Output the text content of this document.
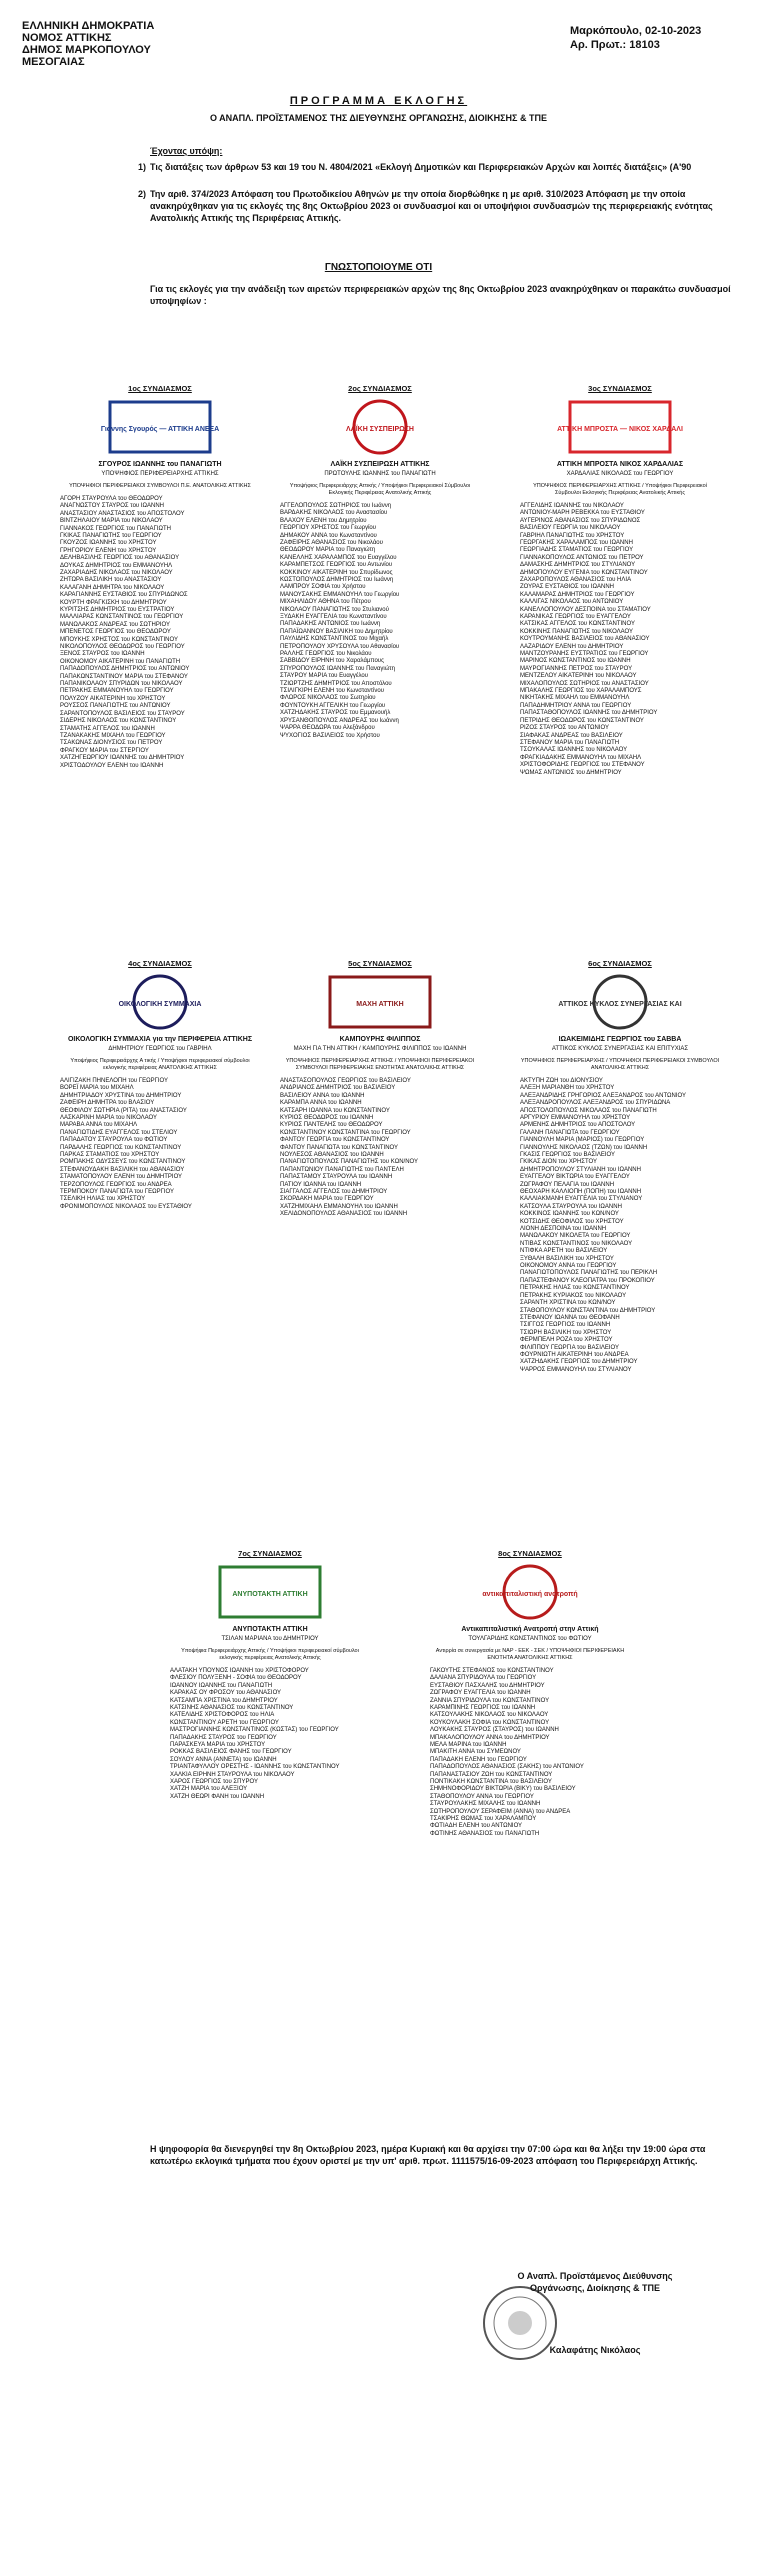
ΕΛΛΗΝΙΚΗ ΔΗΜΟΚΡΑΤΙΑ
ΝΟΜΟΣ ΑΤΤΙΚΗΣ
ΔΗΜΟΣ ΜΑΡΚΟΠΟΥΛΟΥ
ΜΕΣΟΓΑΙΑΣ
Μαρκόπουλο, 02-10-2023
Αρ. Πρωτ.: 18103
ΠΡΟΓΡΑΜΜΑ ΕΚΛΟΓΗΣ
Ο ΑΝΑΠΛ. ΠΡΟΪΣΤΑΜΕΝΟΣ ΤΗΣ ΔΙΕΥΘΥΝΣΗΣ ΟΡΓΑΝΩΣΗΣ, ΔΙΟΙΚΗΣΗΣ & ΤΠΕ
Έχοντας υπόψη:
1) Τις διατάξεις των άρθρων 53 και 19 του Ν. 4804/2021 «Εκλογή Δημοτικών και Περιφερειακών Αρχών και λοιπές διατάξεις» (Α'90
2) Την αριθ. 374/2023 Απόφαση του Πρωτοδικείου Αθηνών με την οποία διορθώθηκε η με αριθ. 310/2023 Απόφαση με την οποία ανακηρύχθηκαν για τις εκλογές της 8ης Οκτωβρίου 2023 οι συνδυασμοί και οι υποψήφιοι συνδυασμών της περιφερειακής ενότητας Ανατολικής Αττικής της Περιφέρειας Αττικής.
ΓΝΩΣΤΟΠΟΙΟΥΜΕ ΟΤΙ
Για τις εκλογές για την ανάδειξη των αιρετών περιφερειακών αρχών της 8ης Οκτωβρίου 2023 ανακηρύχθηκαν οι παρακάτω συνδυασμοί υποψηφίων :
1ος ΣΥΝΔΙΑΣΜΟΣ
Γιάννης Σγουρός — ΑΤΤΙΚΗ ΑΝΕΞΑ
ΣΓΟΥΡΟΣ ΙΩΑΝΝΗΣ του ΠΑΝΑΓΙΩΤΗ
ΥΠΟΨΗΦΙΟΣ ΠΕΡΙΦΕΡΕΙΑΡΧΗΣ ΑΤΤΙΚΗΣ
ΥΠΟΨΗΦΙΟΙ ΠΕΡΙΦΕΡΕΙΑΚΟΙ ΣΥΜΒΟΥΛΟΙ Π.Ε. ΑΝΑΤΟΛΙΚΗΣ ΑΤΤΙΚΗΣ
ΑΓΟΡΗ ΣΤΑΥΡΟΥΛΑ του ΘΕΟΔΩΡΟΥ
ΑΝΑΓΝΩΣΤΟΥ ΣΤΑΥΡΟΣ του ΙΩΑΝΝΗ
ΑΝΑΣΤΑΣΙΟΥ ΑΝΑΣΤΑΣΙΟΣ του ΑΠΟΣΤΟΛΟΥ
ΒΙΝΤΖΗΛΑΙΟΥ ΜΑΡΙΑ του ΝΙΚΟΛΑΟΥ
ΓΙΑΝΝΑΚΟΣ ΓΕΩΡΓΙΟΣ του ΠΑΝΑΓΙΩΤΗ
ΓΚΙΚΑΣ ΠΑΝΑΓΙΩΤΗΣ του ΓΕΩΡΓΙΟΥ
ΓΚΟΥΖΟΣ ΙΩΑΝΝΗΣ του ΧΡΗΣΤΟΥ
ΓΡΗΓΟΡΙΟΥ ΕΛΕΝΗ του ΧΡΗΣΤΟΥ
ΔΕΛΗΒΑΣΙΛΗΣ ΓΕΩΡΓΙΟΣ του ΑΘΑΝΑΣΙΟΥ
ΔΟΥΚΑΣ ΔΗΜΗΤΡΙΟΣ του ΕΜΜΑΝΟΥΗΛ
ΖΑΧΑΡΙΑΔΗΣ ΝΙΚΟΛΑΟΣ του ΝΙΚΟΛΑΟΥ
ΖΗΤΩΡΑ ΒΑΣΙΛΙΚΗ του ΑΝΑΣΤΑΣΙΟΥ
ΚΑΛΑΓΑΝΗ ΔΗΜΗΤΡΑ του ΝΙΚΟΛΑΟΥ
ΚΑΡΑΓΙΑΝΝΗΣ ΕΥΣΤΑΘΙΟΣ του ΣΠΥΡΙΔΩΝΟΣ
ΚΟΥΡΤΗ ΦΡΑΓΚΙΣΚΗ του ΔΗΜΗΤΡΙΟΥ
ΚΥΡΙΤΣΗΣ ΔΗΜΗΤΡΙΟΣ του ΕΥΣΤΡΑΤΙΟΥ
ΜΑΛΛΙΑΡΑΣ ΚΩΝΣΤΑΝΤΙΝΟΣ του ΓΕΩΡΓΙΟΥ
ΜΑΝΩΛΑΚΟΣ ΑΝΔΡΕΑΣ του ΣΩΤΗΡΙΟΥ
ΜΠΕΝΕΤΟΣ ΓΕΩΡΓΙΟΣ του ΘΕΟΔΩΡΟΥ
ΜΠΟΥΚΗΣ ΧΡΗΣΤΟΣ του ΚΩΝΣΤΑΝΤΙΝΟΥ
ΝΙΚΟΛΟΠΟΥΛΟΣ ΘΕΟΔΩΡΟΣ του ΓΕΩΡΓΙΟΥ
ΞΕΝΟΣ ΣΤΑΥΡΟΣ του ΙΩΑΝΝΗ
ΟΙΚΟΝΟΜΟΥ ΑΙΚΑΤΕΡΙΝΗ του ΠΑΝΑΓΙΩΤΗ
ΠΑΠΑΔΟΠΟΥΛΟΣ ΔΗΜΗΤΡΙΟΣ του ΑΝΤΩΝΙΟΥ
ΠΑΠΑΚΩΝΣΤΑΝΤΙΝΟΥ ΜΑΡΙΑ του ΣΤΕΦΑΝΟΥ
ΠΑΠΑΝΙΚΟΛΑΟΥ ΣΠΥΡΙΔΩΝ του ΝΙΚΟΛΑΟΥ
ΠΕΤΡΑΚΗΣ ΕΜΜΑΝΟΥΗΛ του ΓΕΩΡΓΙΟΥ
ΠΟΛΥΖΟΥ ΑΙΚΑΤΕΡΙΝΗ του ΧΡΗΣΤΟΥ
ΡΟΥΣΣΟΣ ΠΑΝΑΓΙΩΤΗΣ του ΑΝΤΩΝΙΟΥ
ΣΑΡΑΝΤΟΠΟΥΛΟΣ ΒΑΣΙΛΕΙΟΣ του ΣΤΑΥΡΟΥ
ΣΙΔΕΡΗΣ ΝΙΚΟΛΑΟΣ του ΚΩΝΣΤΑΝΤΙΝΟΥ
ΣΤΑΜΑΤΗΣ ΑΓΓΕΛΟΣ του ΙΩΑΝΝΗ
ΤΖΑΝΑΚΑΚΗΣ ΜΙΧΑΗΛ του ΓΕΩΡΓΙΟΥ
ΤΣΑΚΩΝΑΣ ΔΙΟΝΥΣΙΟΣ του ΠΕΤΡΟΥ
ΦΡΑΓΚΟΥ ΜΑΡΙΑ του ΣΤΕΡΓΙΟΥ
ΧΑΤΖΗΓΕΩΡΓΙΟΥ ΙΩΑΝΝΗΣ του ΔΗΜΗΤΡΙΟΥ
ΧΡΙΣΤΟΔΟΥΛΟΥ ΕΛΕΝΗ του ΙΩΑΝΝΗ
2ος ΣΥΝΔΙΑΣΜΟΣ
ΛΑΪΚΗ ΣΥΣΠΕΙΡΩΣΗ
ΛΑΪΚΗ ΣΥΣΠΕΙΡΩΣΗ ΑΤΤΙΚΗΣ
ΠΡΩΤΟΥΛΗΣ ΙΩΑΝΝΗΣ του ΠΑΝΑΓΙΩΤΗ
Υποψήφιος Περιφερειάρχης Αττικής / Υποψήφιοι Περιφερειακοί Σύμβουλοι Εκλογικής Περιφέρειας Ανατολικής Αττικής
ΑΓΓΕΛΟΠΟΥΛΟΣ ΣΩΤΗΡΙΟΣ του Ιωάννη
ΒΑΡΔΑΚΗΣ ΝΙΚΟΛΑΟΣ του Αναστασίου
ΒΛΑΧΟΥ ΕΛΕΝΗ του Δημητρίου
ΓΕΩΡΓΙΟΥ ΧΡΗΣΤΟΣ του Γεωργίου
ΔΗΜΑΚΟΥ ΑΝΝΑ του Κωνσταντίνου
ΖΑΦΕΙΡΗΣ ΑΘΑΝΑΣΙΟΣ του Νικολάου
ΘΕΟΔΩΡΟΥ ΜΑΡΙΑ του Παναγιώτη
ΚΑΝΕΛΛΗΣ ΧΑΡΑΛΑΜΠΟΣ του Ευαγγέλου
ΚΑΡΑΜΠΕΤΣΟΣ ΓΕΩΡΓΙΟΣ του Αντωνίου
ΚΟΚΚΙΝΟΥ ΑΙΚΑΤΕΡΙΝΗ του Σπυρίδωνος
ΚΩΣΤΟΠΟΥΛΟΣ ΔΗΜΗΤΡΙΟΣ του Ιωάννη
ΛΑΜΠΡΟΥ ΣΟΦΙΑ του Χρήστου
ΜΑΝΟΥΣΑΚΗΣ ΕΜΜΑΝΟΥΗΛ του Γεωργίου
ΜΙΧΑΗΛΙΔΟΥ ΑΘΗΝΑ του Πέτρου
ΝΙΚΟΛΑΟΥ ΠΑΝΑΓΙΩΤΗΣ του Στυλιανού
ΞΥΔΑΚΗ ΕΥΑΓΓΕΛΙΑ του Κωνσταντίνου
ΠΑΠΑΔΑΚΗΣ ΑΝΤΩΝΙΟΣ του Ιωάννη
ΠΑΠΑΪΩΑΝΝΟΥ ΒΑΣΙΛΙΚΗ του Δημητρίου
ΠΑΥΛΙΔΗΣ ΚΩΝΣΤΑΝΤΙΝΟΣ του Μιχαήλ
ΠΕΤΡΟΠΟΥΛΟΥ ΧΡΥΣΟΥΛΑ του Αθανασίου
ΡΑΛΛΗΣ ΓΕΩΡΓΙΟΣ του Νικολάου
ΣΑΒΒΙΔΟΥ ΕΙΡΗΝΗ του Χαραλάμπους
ΣΠΥΡΟΠΟΥΛΟΣ ΙΩΑΝΝΗΣ του Παναγιώτη
ΣΤΑΥΡΟΥ ΜΑΡΙΑ του Ευαγγέλου
ΤΖΙΩΡΤΖΗΣ ΔΗΜΗΤΡΙΟΣ του Αποστόλου
ΤΣΙΛΙΓΚΙΡΗ ΕΛΕΝΗ του Κωνσταντίνου
ΦΛΩΡΟΣ ΝΙΚΟΛΑΟΣ του Σωτηρίου
ΦΟΥΝΤΟΥΚΗ ΑΓΓΕΛΙΚΗ του Γεωργίου
ΧΑΤΖΗΔΑΚΗΣ ΣΤΑΥΡΟΣ του Εμμανουήλ
ΧΡΥΣΑΝΘΟΠΟΥΛΟΣ ΑΝΔΡΕΑΣ του Ιωάννη
ΨΑΡΡΑ ΘΕΟΔΩΡΑ του Αλεξάνδρου
ΨΥΧΟΓΙΟΣ ΒΑΣΙΛΕΙΟΣ του Χρήστου
3ος ΣΥΝΔΙΑΣΜΟΣ
ΑΤΤΙΚΗ ΜΠΡΟΣΤΑ — ΝΙΚΟΣ ΧΑΡΔΑΛΙ
ΑΤΤΙΚΗ ΜΠΡΟΣΤΑ ΝΙΚΟΣ ΧΑΡΔΑΛΙΑΣ
ΧΑΡΔΑΛΙΑΣ ΝΙΚΟΛΑΟΣ του ΓΕΩΡΓΙΟΥ
ΥΠΟΨΗΦΙΟΣ ΠΕΡΙΦΕΡΕΙΑΡΧΗΣ ΑΤΤΙΚΗΣ / Υποψήφιοι Περιφερειακοί Σύμβουλοι Εκλογικής Περιφέρειας Ανατολικής Αττικής
ΑΓΓΕΛΙΔΗΣ ΙΩΑΝΝΗΣ του ΝΙΚΟΛΑΟΥ
ΑΝΤΩΝΙΟΥ-ΜΑΡΗ ΡΕΒΕΚΚΑ του ΕΥΣΤΑΘΙΟΥ
ΑΥΓΕΡΙΝΟΣ ΑΘΑΝΑΣΙΟΣ του ΣΠΥΡΙΔΩΝΟΣ
ΒΑΣΙΛΕΙΟΥ ΓΕΩΡΓΙΑ του ΝΙΚΟΛΑΟΥ
ΓΑΒΡΙΗΛ ΠΑΝΑΓΙΩΤΗΣ του ΧΡΗΣΤΟΥ
ΓΕΩΡΓΑΚΗΣ ΧΑΡΑΛΑΜΠΟΣ του ΙΩΑΝΝΗ
ΓΕΩΡΓΙΑΔΗΣ ΣΤΑΜΑΤΙΟΣ του ΓΕΩΡΓΙΟΥ
ΓΙΑΝΝΑΚΟΠΟΥΛΟΣ ΑΝΤΩΝΙΟΣ του ΠΕΤΡΟΥ
ΔΑΜΑΣΚΗΣ ΔΗΜΗΤΡΙΟΣ του ΣΤΥΛΙΑΝΟΥ
ΔΗΜΟΠΟΥΛΟΥ ΕΥΓΕΝΙΑ του ΚΩΝΣΤΑΝΤΙΝΟΥ
ΖΑΧΑΡΟΠΟΥΛΟΣ ΑΘΑΝΑΣΙΟΣ του ΗΛΙΑ
ΖΟΥΡΑΣ ΕΥΣΤΑΘΙΟΣ του ΙΩΑΝΝΗ
ΚΑΛΑΜΑΡΑΣ ΔΗΜΗΤΡΙΟΣ του ΓΕΩΡΓΙΟΥ
ΚΑΛΛΙΓΑΣ ΝΙΚΟΛΑΟΣ του ΑΝΤΩΝΙΟΥ
ΚΑΝΕΛΛΟΠΟΥΛΟΥ ΔΕΣΠΟΙΝΑ του ΣΤΑΜΑΤΙΟΥ
ΚΑΡΑΝΙΚΑΣ ΓΕΩΡΓΙΟΣ του ΕΥΑΓΓΕΛΟΥ
ΚΑΤΣΙΚΑΣ ΑΓΓΕΛΟΣ του ΚΩΝΣΤΑΝΤΙΝΟΥ
ΚΟΚΚΙΝΗΣ ΠΑΝΑΓΙΩΤΗΣ του ΝΙΚΟΛΑΟΥ
ΚΟΥΤΡΟΥΜΑΝΗΣ ΒΑΣΙΛΕΙΟΣ του ΑΘΑΝΑΣΙΟΥ
ΛΑΖΑΡΙΔΟΥ ΕΛΕΝΗ του ΔΗΜΗΤΡΙΟΥ
ΜΑΝΤΖΟΥΡΑΝΗΣ ΕΥΣΤΡΑΤΙΟΣ του ΓΕΩΡΓΙΟΥ
ΜΑΡΙΝΟΣ ΚΩΝΣΤΑΝΤΙΝΟΣ του ΙΩΑΝΝΗ
ΜΑΥΡΟΓΙΑΝΝΗΣ ΠΕΤΡΟΣ του ΣΤΑΥΡΟΥ
ΜΕΝΤΖΕΛΟΥ ΑΙΚΑΤΕΡΙΝΗ του ΝΙΚΟΛΑΟΥ
ΜΙΧΑΛΟΠΟΥΛΟΣ ΣΩΤΗΡΙΟΣ του ΑΝΑΣΤΑΣΙΟΥ
ΜΠΑΚΑΛΗΣ ΓΕΩΡΓΙΟΣ του ΧΑΡΑΛΑΜΠΟΥΣ
ΝΙΚΗΤΑΚΗΣ ΜΙΧΑΗΛ του ΕΜΜΑΝΟΥΗΛ
ΠΑΠΑΔΗΜΗΤΡΙΟΥ ΑΝΝΑ του ΓΕΩΡΓΙΟΥ
ΠΑΠΑΣΤΑΘΟΠΟΥΛΟΣ ΙΩΑΝΝΗΣ του ΔΗΜΗΤΡΙΟΥ
ΠΕΤΡΙΔΗΣ ΘΕΟΔΩΡΟΣ του ΚΩΝΣΤΑΝΤΙΝΟΥ
ΡΙΖΟΣ ΣΤΑΥΡΟΣ του ΑΝΤΩΝΙΟΥ
ΣΙΑΦΑΚΑΣ ΑΝΔΡΕΑΣ του ΒΑΣΙΛΕΙΟΥ
ΣΤΕΦΑΝΟΥ ΜΑΡΙΑ του ΠΑΝΑΓΙΩΤΗ
ΤΣΟΥΚΑΛΑΣ ΙΩΑΝΝΗΣ του ΝΙΚΟΛΑΟΥ
ΦΡΑΓΚΙΑΔΑΚΗΣ ΕΜΜΑΝΟΥΗΛ του ΜΙΧΑΗΛ
ΧΡΙΣΤΟΦΟΡΙΔΗΣ ΓΕΩΡΓΙΟΣ του ΣΤΕΦΑΝΟΥ
ΨΩΜΑΣ ΑΝΤΩΝΙΟΣ του ΔΗΜΗΤΡΙΟΥ
4ος ΣΥΝΔΙΑΣΜΟΣ
ΟΙΚΟΛΟΓΙΚΗ ΣΥΜΜΑΧΙΑ
ΟΙΚΟΛΟΓΙΚΗ ΣΥΜΜΑΧΙΑ για την ΠΕΡΙΦΕΡΕΙΑ ΑΤΤΙΚΗΣ
ΔΗΜΗΤΡΙΟΥ ΓΕΩΡΓΙΟΣ του ΓΑΒΡΙΗΛ
Υποψήφιος Περιφερειάρχης Α τικής / Υποψήφιοι περιφερειακοί σύμβουλοι εκλογικής περιφέρειας ΑΝΑΤΟΛΙΚΗΣ ΑΤΤΙΚΗΣ
ΑΛΙΓΙΖΑΚΗ ΠΗΝΕΛΟΠΗ του ΓΕΩΡΓΙΟΥ
ΒΟΡΕΪ ΜΑΡΙΑ του ΜΙΧΑΗΛ
ΔΗΜΗΤΡΙΑΔΟΥ ΧΡΥΣΤΙΝΑ του ΔΗΜΗΤΡΙΟΥ
ΖΑΦΕΙΡΗ ΔΗΜΗΤΡΑ του ΒΛΑΣΙΟΥ
ΘΕΟΦΙΛΟΥ ΣΩΤΗΡΙΑ (ΡΙΤΑ) του ΑΝΑΣΤΑΣΙΟΥ
ΛΑΣΚΑΡΙΝΗ ΜΑΡΙΑ του ΝΙΚΟΛΑΟΥ
ΜΑΡΑΒΑ ΑΝΝΑ του ΜΙΧΑΗΛ
ΠΑΝΑΓΙΩΤΙΔΗΣ ΕΥΑΓΓΕΛΟΣ του ΣΤΕΛΙΟΥ
ΠΑΠΑΔΑΤΟΥ ΣΤΑΥΡΟΥΛΑ του ΦΩΤΙΟΥ
ΠΑΡΔΑΛΗΣ ΓΕΩΡΓΙΟΣ του ΚΩΝΣΤΑΝΤΙΝΟΥ
ΠΑΡΚΑΣ ΣΤΑΜΑΤΙΟΣ του ΧΡΗΣΤΟΥ
ΡΟΜΠΑΚΗΣ ΟΔΥΣΣΕΥΣ του ΚΩΝΣΤΑΝΤΙΝΟΥ
ΣΤΕΦΑΝΟΥΔΑΚΗ ΒΑΣΙΛΙΚΗ του ΑΘΑΝΑΣΙΟΥ
ΣΤΑΜΑΤΟΠΟΥΛΟΥ ΕΛΕΝΗ του ΔΗΜΗΤΡΙΟΥ
ΤΕΡΖΟΠΟΥΛΟΣ ΓΕΩΡΓΙΟΣ του ΑΝΔΡΕΑ
ΤΕΡΜΠΟΚΟΥ ΠΑΝΑΓΙΩΤΑ του ΓΕΩΡΓΙΟΥ
ΤΣΕΛΙΚΗ ΗΛΙΑΣ του ΧΡΗΣΤΟΥ
ΦΡΟΝΙΜΟΠΟΥΛΟΣ ΝΙΚΟΛΑΟΣ του ΕΥΣΤΑΘΙΟΥ
5ος ΣΥΝΔΙΑΣΜΟΣ
ΜΑΧΗ ΑΤΤΙΚΗ
ΚΑΜΠΟΥΡΗΣ ΦΙΛΙΠΠΟΣ
ΜΑΧΗ ΓΙΑ ΤΗΝ ΑΤΤΙΚΗ / ΚΑΜΠΟΥΡΗΣ ΦΙΛΙΠΠΟΣ του ΙΩΑΝΝΗ
ΥΠΟΨΗΦΙΟΣ ΠΕΡΙΦΕΡΕΙΑΡΧΗΣ ΑΤΤΙΚΗΣ / ΥΠΟΨΗΦΙΟΙ ΠΕΡΙΦΕΡΕΙΑΚΟΙ ΣΥΜΒΟΥΛΟΙ ΠΕΡΙΦΕΡΕΙΑΚΗΣ ΕΝΟΤΗΤΑΣ ΑΝΑΤΟΛΙΚΗΣ ΑΤΤΙΚΗΣ
ΑΝΑΣΤΑΣΟΠΟΥΛΟΣ ΓΕΩΡΓΙΟΣ του ΒΑΣΙΛΕΙΟΥ
ΑΝΔΡΙΑΝΟΣ ΔΗΜΗΤΡΙΟΣ του ΒΑΣΙΛΕΙΟΥ
ΒΑΣΙΛΕΙΟΥ ΑΝΝΑ του ΙΩΑΝΝΗ
ΚΑΡΑΜΠΑ ΑΝΝΑ του ΙΩΑΝΝΗ
ΚΑΤΣΑΡΗ ΙΩΑΝΝΑ του ΚΩΝΣΤΑΝΤΙΝΟΥ
ΚΥΡΙΟΣ ΘΕΟΔΩΡΟΣ του ΙΩΑΝΝΗ
ΚΥΡΙΟΣ ΠΑΝΤΕΛΗΣ του ΘΕΟΔΩΡΟΥ
ΚΩΝΣΤΑΝΤΙΝΟΥ ΚΩΝΣΤΑΝΤΙΝΑ του ΓΕΩΡΓΙΟΥ
ΦΑΝΤΟΥ ΓΕΩΡΓΙΑ του ΚΩΝΣΤΑΝΤΙΝΟΥ
ΦΑΝΤΟΥ ΠΑΝΑΓΙΩΤΑ του ΚΩΝΣΤΑΝΤΙΝΟΥ
ΝΟΥΛΕΣΟΣ ΑΘΑΝΑΣΙΟΣ του ΙΩΑΝΝΗ
ΠΑΝΑΓΙΩΤΟΠΟΥΛΟΣ ΠΑΝΑΓΙΩΤΗΣ του ΚΩΝ/ΝΟΥ
ΠΑΠΑΝΤΩΝΙΟΥ ΠΑΝΑΓΙΩΤΗΣ του ΠΑΝΤΕΛΗ
ΠΑΠΑΣΤΑΜΟΥ ΣΤΑΥΡΟΥΛΑ του ΙΩΑΝΝΗ
ΠΑΤΙΟΥ ΙΩΑΝΝΑ του ΙΩΑΝΝΗ
ΣΙΑΓΓΑΛΟΣ ΑΓΓΕΛΟΣ του ΔΗΜΗΤΡΙΟΥ
ΣΚΟΡΔΑΚΗ ΜΑΡΙΑ του ΓΕΩΡΓΙΟΥ
ΧΑΤΖΗΜΙΧΑΗΛ ΕΜΜΑΝΟΥΗΛ του ΙΩΑΝΝΗ
ΧΕΛΙΔΟΝΟΠΟΥΛΟΣ ΑΘΑΝΑΣΙΟΣ του ΙΩΑΝΝΗ
6ος ΣΥΝΔΙΑΣΜΟΣ
ΑΤΤΙΚΟΣ ΚΥΚΛΟΣ ΣΥΝΕΡΓΑΣΙΑΣ ΚΑΙ
ΙΩΑΚΕΙΜΙΔΗΣ ΓΕΩΡΓΙΟΣ του ΣΑΒΒΑ
ΑΤΤΙΚΟΣ ΚΥΚΛΟΣ ΣΥΝΕΡΓΑΣΙΑΣ ΚΑΙ ΕΠΙΤΥΧΙΑΣ
ΥΠΟΨΗΦΙΟΣ ΠΕΡΙΦΕΡΕΙΑΡΧΗΣ / ΥΠΟΨΗΦΙΟΙ ΠΕΡΙΦΕΡΕΙΑΚΟΙ ΣΥΜΒΟΥΛΟΙ ΑΝΑΤΟΛΙΚΗΣ ΑΤΤΙΚΗΣ
ΑΚΤΥΠΗ ΖΩΗ του ΔΙΟΝΥΣΙΟΥ
ΑΛΕΞΗ ΜΑΡΙΑΝΘΗ του ΧΡΗΣΤΟΥ
ΑΛΕΞΑΝΔΡΙΔΗΣ ΓΡΗΓΟΡΙΟΣ ΑΛΕΞΑΝΔΡΟΣ του ΑΝΤΩΝΙΟΥ
ΑΛΕΞΑΝΔΡΟΠΟΥΛΟΣ ΑΛΕΞΑΝΔΡΟΣ του ΣΠΥΡΙΔΩΝΑ
ΑΠΟΣΤΟΛΟΠΟΥΛΟΣ ΝΙΚΟΛΑΟΣ του ΠΑΝΑΓΙΩΤΗ
ΑΡΓΥΡΙΟΥ ΕΜΜΑΝΟΥΗΛ του ΧΡΗΣΤΟΥ
ΑΡΜΕΝΗΣ ΔΗΜΗΤΡΙΟΣ του ΑΠΟΣΤΟΛΟΥ
ΓΑΛΑΝΗ ΠΑΝΑΓΙΩΤΑ του ΓΕΩΡΓΙΟΥ
ΓΙΑΝΝΟΥΛΗ ΜΑΡΙΑ (ΜΑΡΙΟΣ) του ΓΕΩΡΓΙΟΥ
ΓΙΑΝΝΟΥΛΗΣ ΝΙΚΟΛΑΟΣ (ΤΖΩΝ) του ΙΩΑΝΝΗ
ΓΚΑΣΙΣ ΓΕΩΡΓΙΟΣ του ΒΑΣΙΛΕΙΟΥ
ΓΚΙΚΑΣ ΔΙΟΝ του ΧΡΗΣΤΟΥ
ΔΗΜΗΤΡΟΠΟΥΛΟΥ ΣΤΥΛΙΑΝΗ του ΙΩΑΝΝΗ
ΕΥΑΓΓΕΛΟΥ ΒΙΚΤΩΡΙΑ του ΕΥΑΓΓΕΛΟΥ
ΖΩΓΡΑΦΟΥ ΠΕΛΑΓΙΑ του ΙΩΑΝΝΗ
ΘΕΟΧΑΡΗ ΚΑΛΛΙΟΠΗ (ΠΟΠΗ) του ΙΩΑΝΝΗ
ΚΑΛΛΙΑΚΜΑΝΗ ΕΥΑΓΓΕΛΙΑ του ΣΤΥΛΙΑΝΟΥ
ΚΑΤΣΟΥΛΑ ΣΤΑΥΡΟΥΛΑ του ΙΩΑΝΝΗ
ΚΟΚΚΙΝΟΣ ΙΩΑΝΝΗΣ του ΚΩΝ/ΝΟΥ
ΚΟΤΣΙΔΗΣ ΘΕΟΦΙΛΟΣ του ΧΡΗΣΤΟΥ
ΛΙΟΝΗ ΔΕΣΠΟΙΝΑ του ΙΩΑΝΝΗ
ΜΑΝΩΛΑΚΟΥ ΝΙΚΟΛΕΤΑ του ΓΕΩΡΓΙΟΥ
ΝΤΙΒΑΣ ΚΩΝΣΤΑΝΤΙΝΟΣ του ΝΙΚΟΛΑΟΥ
ΝΤΙΦΚΑ ΑΡΕΤΗ του ΒΑΣΙΛΕΙΟΥ
ΞΥΘΑΛΗ ΒΑΣΙΛΙΚΗ του ΧΡΗΣΤΟΥ
ΟΙΚΟΝΟΜΟΥ ΑΝΝΑ του ΓΕΩΡΓΙΟΥ
ΠΑΝΑΓΙΩΤΟΠΟΥΛΟΣ ΠΑΝΑΓΙΩΤΗΣ του ΠΕΡΙΚΛΗ
ΠΑΠΑΣΤΕΦΑΝΟΥ ΚΛΕΟΠΑΤΡΑ του ΠΡΟΚΟΠΙΟΥ
ΠΕΤΡΑΚΗΣ ΗΛΙΑΣ του ΚΩΝΣΤΑΝΤΙΝΟΥ
ΠΕΤΡΑΚΗΣ ΚΥΡΙΑΚΟΣ του ΝΙΚΟΛΑΟΥ
ΣΑΡΑΝΤΗ ΧΡΙΣΤΙΝΑ του ΚΩΝ/ΝΟΥ
ΣΤΑΘΟΠΟΥΛΟΥ ΚΩΝΣΤΑΝΤΙΝΑ του ΔΗΜΗΤΡΙΟΥ
ΣΤΕΦΑΝΟΥ ΙΩΑΝΝΑ του ΘΕΟΦΑΝΗ
ΤΣΙΓΓΟΣ ΓΕΩΡΓΙΟΣ του ΙΩΑΝΝΗ
ΤΣΙΩΡΗ ΒΑΣΙΛΙΚΗ του ΧΡΗΣΤΟΥ
ΦΕΡΜΠΕΛΗ ΡΟΖΑ του ΧΡΗΣΤΟΥ
ΦΙΛΙΠΠΟΥ ΓΕΩΡΓΙΑ του ΒΑΣΙΛΕΙΟΥ
ΦΟΥΡΝΙΩΤΗ ΑΙΚΑΤΕΡΙΝΗ του ΑΝΔΡΕΑ
ΧΑΤΖΗΔΑΚΗΣ ΓΕΩΡΓΙΟΣ του ΔΗΜΗΤΡΙΟΥ
ΨΑΡΡΟΣ ΕΜΜΑΝΟΥΗΛ του ΣΤΥΛΙΑΝΟΥ
7ος ΣΥΝΔΙΑΣΜΟΣ
ΑΝΥΠΟΤΑΚΤΗ ΑΤΤΙΚΗ
ΑΝΥΠΟΤΑΚΤΗ ΑΤΤΙΚΗ
ΤΣΙΛΑΝ ΜΑΡΙΑΝΑ του ΔΗΜΗΤΡΙΟΥ
Υποψήφια Περιφερειάρχης Αττικής / Υποψήφιοι περιφερειακοί σύμβουλοι εκλογικής περιφέρειας Ανατολικής Αττικής
ΑΛΑΤΑΚΗ ΥΠΟΥΝΟΣ ΙΩΑΝΝΗ του ΧΡΙΣΤΟΦΟΡΟΥ
ΦΛΕΣΙΟΥ ΠΟΛΥΞΕΝΗ - ΣΟΦΙΑ του ΘΕΟΔΟΡΟΥ
ΙΩΑΝΝΟΥ ΙΩΑΝΝΗΣ του ΠΑΝΑΓΙΩΤΗ
ΚΑΡΑΚΑΣ ΟΥ ΦΡΟΣΟΥ του ΑΘΑΝΑΣΙΟΥ
ΚΑΤΣΑΜΠΑ ΧΡΙΣΤΙΝΑ του ΔΗΜΗΤΡΙΟΥ
ΚΑΤΣΙΝΗΣ ΑΘΑΝΑΣΙΟΣ του ΚΩΝΣΤΑΝΤΙΝΟΥ
ΚΑΤΕΛΙΔΗΣ ΧΡΙΣΤΟΦΟΡΟΣ του ΗΛΙΑ
ΚΩΝΣΤΑΝΤΙΝΟΥ ΑΡΕΤΗ του ΓΕΩΡΓΙΟΥ
ΜΑΣΤΡΟΓΙΑΝΝΗΣ ΚΩΝΣΤΑΝΤΙΝΟΣ (ΚΩΣΤΑΣ) του ΓΕΩΡΓΙΟΥ
ΠΑΠΑΔΑΚΗΣ ΣΤΑΥΡΟΣ του ΓΕΩΡΓΙΟΥ
ΠΑΡΑΣΚΕΥΑ ΜΑΡΙΑ του ΧΡΗΣΤΟΥ
ΡΟΚΚΑΣ ΒΑΣΙΛΕΙΟΣ ΦΑΝΗΣ του ΓΕΩΡΓΙΟΥ
ΣΟΥΛΟΥ ΑΝΝΑ (ΑΝΝΕΤΑ) του ΙΩΑΝΝΗ
ΤΡΙΑΝΤΑΦΥΛΛΟΥ ΟΡΕΣΤΗΣ - ΙΩΑΝΝΗΣ του ΚΩΝΣΤΑΝΤΙΝΟΥ
ΧΑΛΚΙΑ ΕΙΡΗΝΗ ΣΤΑΥΡΟΥΛΑ του ΝΙΚΟΛΑΟΥ
ΧΑΡΟΣ ΓΕΩΡΓΙΟΣ του ΣΠΥΡΟΥ
ΧΑΤΖΗ ΜΑΡΙΑ του ΑΛΕΞΙΟΥ
ΧΑΤΖΗ ΘΕΩΡΙ ΦΑΝΗ του ΙΩΑΝΝΗ
8ος ΣΥΝΔΙΑΣΜΟΣ
αντικαπιταλιστική ανατροπή
Αντικαπιταλιστική Ανατροπή στην Αττική
ΤΟΥΛΓΑΡΙΔΗΣ ΚΩΝΣΤΑΝΤΙΝΟΣ του ΦΩΤΙΟΥ
Αντιρρία σε συνεργασία με ΝΑΡ - ΕΕΚ - ΣΕΚ / ΥΠΟΨΗΦΙΟΙ ΠΕΡΙΦΕΡΕΙΑΚΗ ΕΝΟΤΗΤΑ ΑΝΑΤΟΛΙΚΗΣ ΑΤΤΙΚΗΣ
ΓΑΚΟΥΤΗΣ ΣΤΕΦΑΝΟΣ του ΚΩΝΣΤΑΝΤΙΝΟΥ
ΔΑΛΙΑΝΑ ΣΠΥΡΙΔΟΥΛΑ του ΓΕΩΡΓΙΟΥ
ΕΥΣΤΑΘΙΟΥ ΠΑΣΧΑΛΗΣ του ΔΗΜΗΤΡΙΟΥ
ΖΩΓΡΑΦΟΥ ΕΥΑΓΓΕΛΙΑ του ΙΩΑΝΝΗ
ΖΑΝΝΙΑ ΣΠΥΡΙΔΟΥΛΑ του ΚΩΝΣΤΑΝΤΙΝΟΥ
ΚΑΡΑΜΠΙΝΗΣ ΓΕΩΡΓΙΟΣ του ΙΩΑΝΝΗ
ΚΑΤΣΟΥΛΑΚΗΣ ΝΙΚΟΛΑΟΣ του ΝΙΚΟΛΑΟΥ
ΚΟΥΚΟΥΛΑΚΗ ΣΟΦΙΑ του ΚΩΝΣΤΑΝΤΙΝΟΥ
ΛΟΥΚΑΚΗΣ ΣΤΑΥΡΟΣ (ΣΤΑΥΡΟΣ) του ΙΩΑΝΝΗ
ΜΠΑΚΑΛΟΠΟΥΛΟΥ ΑΝΝΑ του ΔΗΜΗΤΡΙΟΥ
ΜΕΛΑ ΜΑΡΙΝΑ του ΙΩΑΝΝΗ
ΜΠΑΚΙΤΗ ΑΝΝΑ του ΣΥΜΕΩΝΟΥ
ΠΑΠΑΔΑΚΗ ΕΛΕΝΗ του ΓΕΩΡΓΙΟΥ
ΠΑΠΑΔΟΠΟΥΛΟΣ ΑΘΑΝΑΣΙΟΣ (ΣΑΚΗΣ) του ΑΝΤΩΝΙΟΥ
ΠΑΠΑΝΑΣΤΑΣΙΟΥ ΖΩΗ του ΚΩΝΣΤΑΝΤΙΝΟΥ
ΠΟΝΤΙΚΑΚΗ ΚΩΝΣΤΑΝΤΙΝΑ του ΒΑΣΙΛΕΙΟΥ
ΣΗΜΗΝΟΦΟΡΙΔΟΥ ΒΙΚΤΩΡΙΑ (ΒΙΚΥ) του ΒΑΣΙΛΕΙΟΥ
ΣΤΑΘΟΠΟΥΛΟΥ ΑΝΝΑ του ΓΕΩΡΓΙΟΥ
ΣΤΑΥΡΟΥΛΑΚΗΣ ΜΙΧΑΛΗΣ του ΙΩΑΝΝΗ
ΣΩΤΗΡΟΠΟΥΛΟΥ ΣΕΡΑΦΕΙΜ (ΑΝΝΑ) του ΑΝΔΡΕΑ
ΤΣΑΚΙΡΗΣ ΘΩΜΑΣ του ΧΑΡΑΛΑΜΠΟΥ
ΦΩΤΙΑΔΗ ΕΛΕΝΗ του ΑΝΤΩΝΙΟΥ
ΦΩΤΙΝΗΣ ΑΘΑΝΑΣΙΟΣ του ΠΑΝΑΓΙΩΤΗ
Η ψηφοφορία θα διενεργηθεί την 8η Οκτωβρίου 2023, ημέρα Κυριακή και θα αρχίσει την 07:00 ώρα και θα λήξει την 19:00 ώρα στα κατωτέρω εκλογικά τμήματα που έχουν οριστεί με την υπ' αριθ. πρωτ. 1111575/16-09-2023 απόφαση του Περιφερειάρχη Αττικής.
Ο Αναπλ. Προϊστάμενος Διεύθυνσης
Οργάνωσης, Διοίκησης & ΤΠΕ
Καλαφάτης Νικόλαος
